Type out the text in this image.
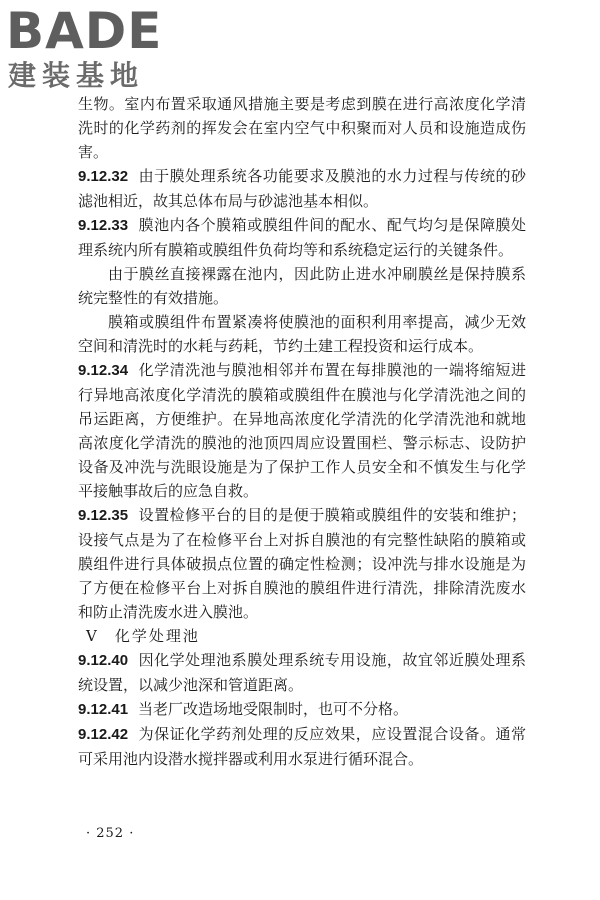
BADE
建装基地

生物。室内布置采取通风措施主要是考虑到膜在进行高浓度化学清洗时的化学药剂的挥发会在室内空气中积聚而对人员和设施造成伤害。

9.12.32 由于膜处理系统各功能要求及膜池的水力过程与传统的砂滤池相近，故其总体布局与砂滤池基本相似。

9.12.33 膜池内各个膜箱或膜组件间的配水、配气均匀是保障膜处理系统内所有膜箱或膜组件负荷均等和系统稳定运行的关键条件。

由于膜丝直接裸露在池内，因此防止进水冲刷膜丝是保持膜系统完整性的有效措施。

膜箱或膜组件布置紧凑将使膜池的面积利用率提高，减少无效空间和清洗时的水耗与药耗，节约土建工程投资和运行成本。

9.12.34 化学清洗池与膜池相邻并布置在每排膜池的一端将缩短进行异地高浓度化学清洗的膜箱或膜组件在膜池与化学清洗池之间的吊运距离，方便维护。在异地高浓度化学清洗的化学清洗池和就地高浓度化学清洗的膜池的池顶四周应设置围栏、警示标志、设防护设备及冲洗与洗眼设施是为了保护工作人员安全和不慎发生与化学平接触事故后的应急自救。

9.12.35 设置检修平台的目的是便于膜箱或膜组件的安装和维护；设接气点是为了在检修平台上对拆自膜池的有完整性缺陷的膜箱或膜组件进行具体破损点位置的确定性检测；设冲洗与排水设施是为了方便在检修平台上对拆自膜池的膜组件进行清洗，排除清洗废水和防止清洗废水进入膜池。

Ⅴ 化学处理池

9.12.40 因化学处理池系膜处理系统专用设施，故宜邻近膜处理系统设置，以减少池深和管道距离。

9.12.41 当老厂改造场地受限制时，也可不分格。

9.12.42 为保证化学药剂处理的反应效果，应设置混合设备。通常可采用池内设潜水搅拌器或利用水泵进行循环混合。

· 252 ·
